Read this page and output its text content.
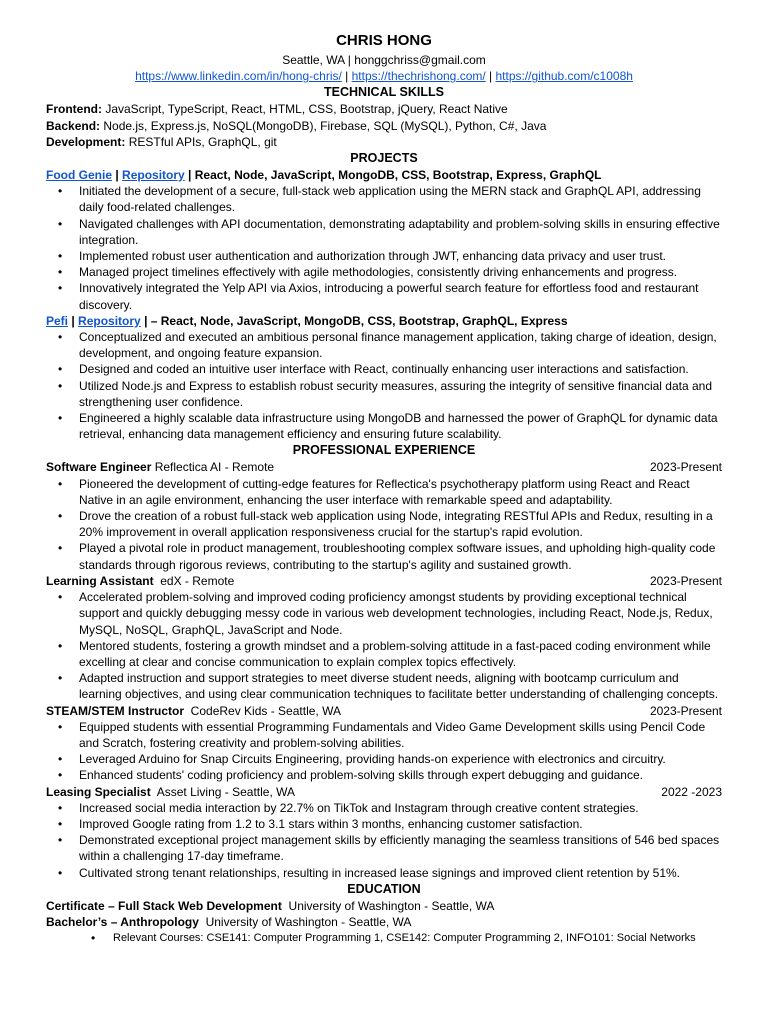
CHRIS HONG
Seattle, WA | honggchriss@gmail.com
https://www.linkedin.com/in/hong-chris/ | https://thechrishong.com/ | https://github.com/c1008h
TECHNICAL SKILLS
Frontend: JavaScript, TypeScript, React, HTML, CSS, Bootstrap, jQuery, React Native
Backend: Node.js, Express.js, NoSQL(MongoDB), Firebase, SQL (MySQL), Python, C#, Java
Development: RESTful APIs, GraphQL, git
PROJECTS
Food Genie | Repository | React, Node, JavaScript, MongoDB, CSS, Bootstrap, Express, GraphQL
• Initiated the development of a secure, full-stack web application using the MERN stack and GraphQL API, addressing daily food-related challenges.
• Navigated challenges with API documentation, demonstrating adaptability and problem-solving skills in ensuring effective integration.
• Implemented robust user authentication and authorization through JWT, enhancing data privacy and user trust.
• Managed project timelines effectively with agile methodologies, consistently driving enhancements and progress.
• Innovatively integrated the Yelp API via Axios, introducing a powerful search feature for effortless food and restaurant discovery.
Pefi | Repository | – React, Node, JavaScript, MongoDB, CSS, Bootstrap, GraphQL, Express
• Conceptualized and executed an ambitious personal finance management application, taking charge of ideation, design, development, and ongoing feature expansion.
• Designed and coded an intuitive user interface with React, continually enhancing user interactions and satisfaction.
• Utilized Node.js and Express to establish robust security measures, assuring the integrity of sensitive financial data and strengthening user confidence.
• Engineered a highly scalable data infrastructure using MongoDB and harnessed the power of GraphQL for dynamic data retrieval, enhancing data management efficiency and ensuring future scalability.
PROFESSIONAL EXPERIENCE
Software Engineer Reflectica AI - Remote	2023-Present
• Pioneered the development of cutting-edge features for Reflectica's psychotherapy platform using React and React Native in an agile environment, enhancing the user interface with remarkable speed and adaptability.
• Drove the creation of a robust full-stack web application using Node, integrating RESTful APIs and Redux, resulting in a 20% improvement in overall application responsiveness crucial for the startup's rapid evolution.
• Played a pivotal role in product management, troubleshooting complex software issues, and upholding high-quality code standards through rigorous reviews, contributing to the startup's agility and sustained growth.
Learning Assistant  edX - Remote	2023-Present
• Accelerated problem-solving and improved coding proficiency amongst students by providing exceptional technical support and quickly debugging messy code in various web development technologies, including React, Node.js, Redux, MySQL, NoSQL, GraphQL, JavaScript and Node.
• Mentored students, fostering a growth mindset and a problem-solving attitude in a fast-paced coding environment while excelling at clear and concise communication to explain complex topics effectively.
• Adapted instruction and support strategies to meet diverse student needs, aligning with bootcamp curriculum and learning objectives, and using clear communication techniques to facilitate better understanding of challenging concepts.
STEAM/STEM Instructor  CodeRev Kids - Seattle, WA	2023-Present
• Equipped students with essential Programming Fundamentals and Video Game Development skills using Pencil Code and Scratch, fostering creativity and problem-solving abilities.
• Leveraged Arduino for Snap Circuits Engineering, providing hands-on experience with electronics and circuitry.
• Enhanced students' coding proficiency and problem-solving skills through expert debugging and guidance.
Leasing Specialist  Asset Living - Seattle, WA	2022 -2023
• Increased social media interaction by 22.7% on TikTok and Instagram through creative content strategies.
• Improved Google rating from 1.2 to 3.1 stars within 3 months, enhancing customer satisfaction.
• Demonstrated exceptional project management skills by efficiently managing the seamless transitions of 546 bed spaces within a challenging 17-day timeframe.
• Cultivated strong tenant relationships, resulting in increased lease signings and improved client retention by 51%.
EDUCATION
Certificate – Full Stack Web Development  University of Washington - Seattle, WA
Bachelor’s – Anthropology  University of Washington - Seattle, WA
• Relevant Courses: CSE141: Computer Programming 1, CSE142: Computer Programming 2, INFO101: Social Networks
